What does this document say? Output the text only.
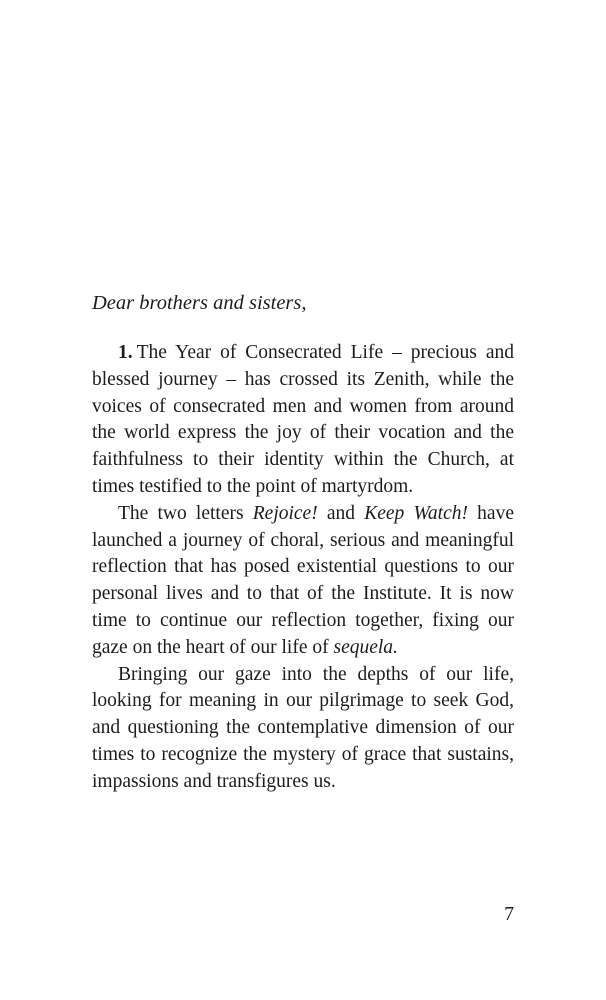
Dear brothers and sisters,

1. The Year of Consecrated Life – precious and blessed journey – has crossed its Zenith, while the voices of consecrated men and women from around the world express the joy of their vocation and the faithfulness to their identity within the Church, at times testified to the point of martyrdom.

The two letters Rejoice! and Keep Watch! have launched a journey of choral, serious and meaningful reflection that has posed existential questions to our personal lives and to that of the Institute. It is now time to continue our reflection together, fixing our gaze on the heart of our life of sequela.

Bringing our gaze into the depths of our life, looking for meaning in our pilgrimage to seek God, and questioning the contemplative dimension of our times to recognize the mystery of grace that sustains, impassions and transfigures us.

7
